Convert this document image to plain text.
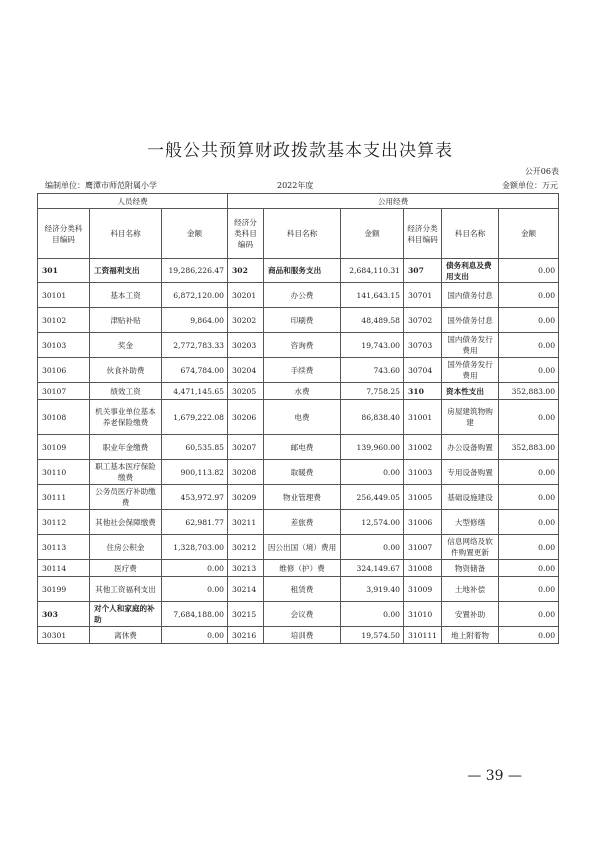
一般公共预算财政拨款基本支出决算表
公开06表
编制单位：鹰潭市师范附属小学	2022年度	金额单位：万元
人员经费			公用经费					
经济分类科目编码	科目名称	金额	经济分类科目编码	科目名称	金额	经济分类科目编码	科目名称	金额
301	工资福利支出	19,286,226.47	302	商品和服务支出	2,684,110.31	307	债务利息及费用支出	0.00
30101	基本工资	6,872,120.00	30201	办公费	141,643.15	30701	国内债务付息	0.00
30102	津贴补贴	9,864.00	30202	印刷费	48,489.58	30702	国外债务付息	0.00
30103	奖金	2,772,783.33	30203	咨询费	19,743.00	30703	国内债务发行费用	0.00
30106	伙食补助费	674,784.00	30204	手续费	743.60	30704	国外债务发行费用	0.00
30107	绩效工资	4,471,145.65	30205	水费	7,758.25	310	资本性支出	352,883.00
30108	机关事业单位基本养老保险缴费	1,679,222.08	30206	电费	86,838.40	31001	房屋建筑物购建	0.00
30109	职业年金缴费	60,535.85	30207	邮电费	139,960.00	31002	办公设备购置	352,883.00
30110	职工基本医疗保险缴费	900,113.82	30208	取暖费	0.00	31003	专用设备购置	0.00
30111	公务员医疗补助缴费	453,972.97	30209	物业管理费	256,449.05	31005	基础设施建设	0.00
30112	其他社会保障缴费	62,981.77	30211	差旅费	12,574.00	31006	大型修缮	0.00
30113	住房公积金	1,328,703.00	30212	因公出国（境）费用	0.00	31007	信息网络及软件购置更新	0.00
30114	医疗费	0.00	30213	维修（护）费	324,149.67	31008	物资储备	0.00
30199	其他工资福利支出	0.00	30214	租赁费	3,919.40	31009	土地补偿	0.00
303	对个人和家庭的补助	7,684,188.00	30215	会议费	0.00	31010	安置补助	0.00
30301	离休费	0.00	30216	培训费	19,574.50	310111	地上附着物	0.00
— 39 —
